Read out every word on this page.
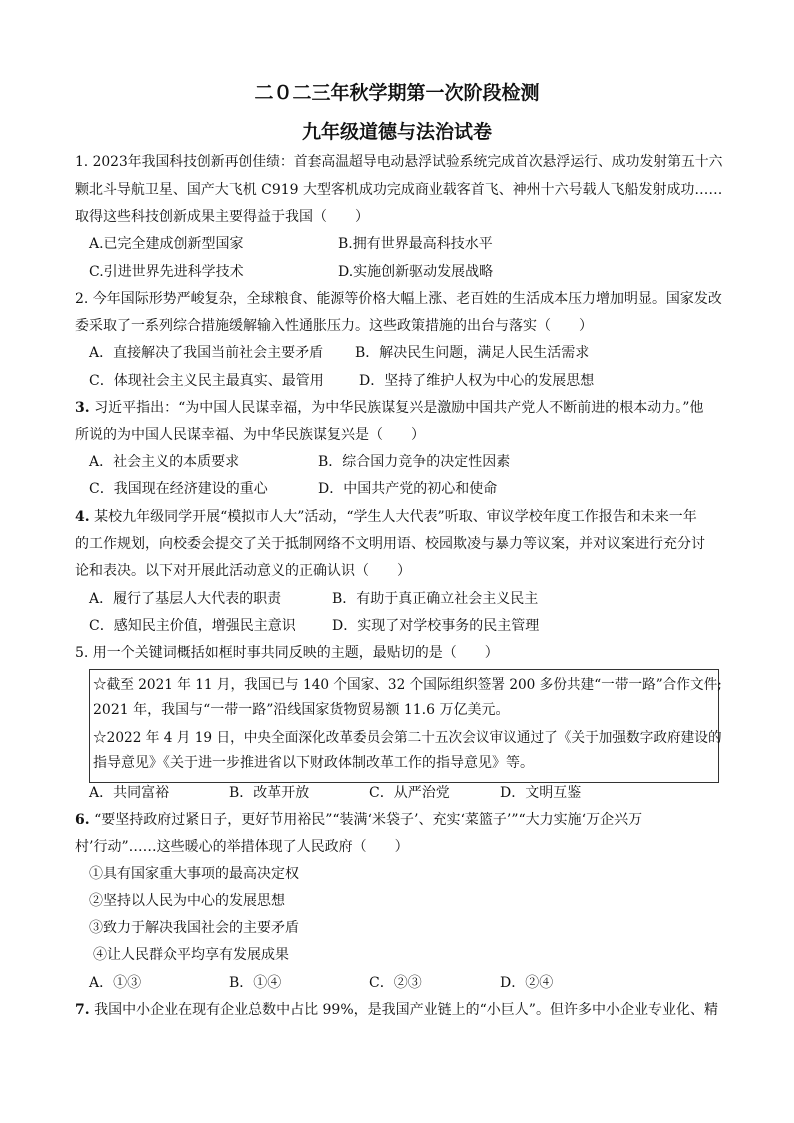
二０二三年秋学期第一次阶段检测
九年级道德与法治试卷
1. 2023年我国科技创新再创佳绩：首套高温超导电动悬浮试验系统完成首次悬浮运行、成功发射第五十六
颗北斗导航卫星、国产大飞机 C919 大型客机成功完成商业载客首飞、神州十六号载人飞船发射成功……
取得这些科技创新成果主要得益于我国（　　）
A.已完全建成创新型国家	B.拥有世界最高科技水平
C.引进世界先进科学技术	D.实施创新驱动发展战略
2. 今年国际形势严峻复杂，全球粮食、能源等价格大幅上涨、老百姓的生活成本压力增加明显。国家发改
委采取了一系列综合措施缓解输入性通胀压力。这些政策措施的出台与落实（　　）
A．直接解决了我国当前社会主要矛盾 B．解决民生问题，满足人民生活需求
C．体现社会主义民主最真实、最管用	D．坚持了维护人权为中心的发展思想
3. 习近平指出：“为中国人民谋幸福，为中华民族谋复兴是激励中国共产党人不断前进的根本动力。”他
所说的为中国人民谋幸福、为中华民族谋复兴是（　　）
A．社会主义的本质要求	B．综合国力竞争的决定性因素
C．我国现在经济建设的重心	D．中国共产党的初心和使命
4. 某校九年级同学开展“模拟市人大”活动，“学生人大代表”听取、审议学校年度工作报告和未来一年
的工作规划，向校委会提交了关于抵制网络不文明用语、校园欺凌与暴力等议案，并对议案进行充分讨
论和表决。以下对开展此活动意义的正确认识（　　）
A．履行了基层人大代表的职责	B．有助于真正确立社会主义民主
C．感知民主价值，增强民主意识	D．实现了对学校事务的民主管理
5. 用一个关键词概括如框时事共同反映的主题，最贴切的是（　　）
☆截至 2021 年 11 月，我国已与 140 个国家、32 个国际组织签署 200 多份共建“一带一路”合作文件;
2021 年，我国与“一带一路”沿线国家货物贸易额 11.6 万亿美元。
☆2022 年 4 月 19 日，中央全面深化改革委员会第二十五次会议审议通过了《关于加强数字政府建设的
指导意见》《关于进一步推进省以下财政体制改革工作的指导意见》等。
A．共同富裕	B．改革开放	C．从严治党	D．文明互鉴
6. “要坚持政府过紧日子，更好节用裕民”“装满‘米袋子’、充实‘菜篮子’”“大力实施‘万企兴万
村’行动”……这些暖心的举措体现了人民政府（　　）
①具有国家重大事项的最高决定权
②坚持以人民为中心的发展思想
③致力于解决我国社会的主要矛盾
④让人民群众平均享有发展成果
A．①③	B．①④	C．②③	D．②④
7. 我国中小企业在现有企业总数中占比 99%，是我国产业链上的“小巨人”。但许多中小企业专业化、精
